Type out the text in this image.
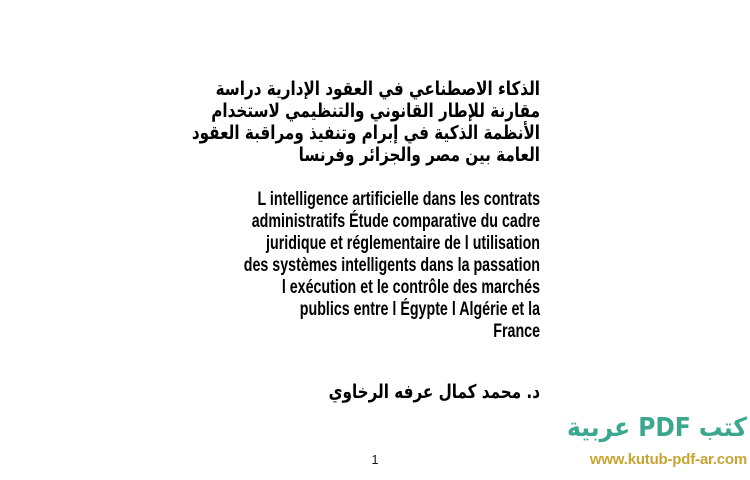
الذكاء الاصطناعي في العقود الإدارية دراسة
مقارنة للإطار القانوني والتنظيمي لاستخدام
الأنظمة الذكية في إبرام وتنفيذ ومراقبة العقود
العامة بين مصر والجزائر وفرنسا
L intelligence artificielle dans les contrats
administratifs Étude comparative du cadre
juridique et réglementaire de l utilisation
des systèmes intelligents dans la passation
l exécution et le contrôle des marchés
publics entre l Égypte l Algérie et la
France
د. محمد كمال عرفه الرخاوي
1
كتب PDF عربية
www.kutub-pdf-ar.com
